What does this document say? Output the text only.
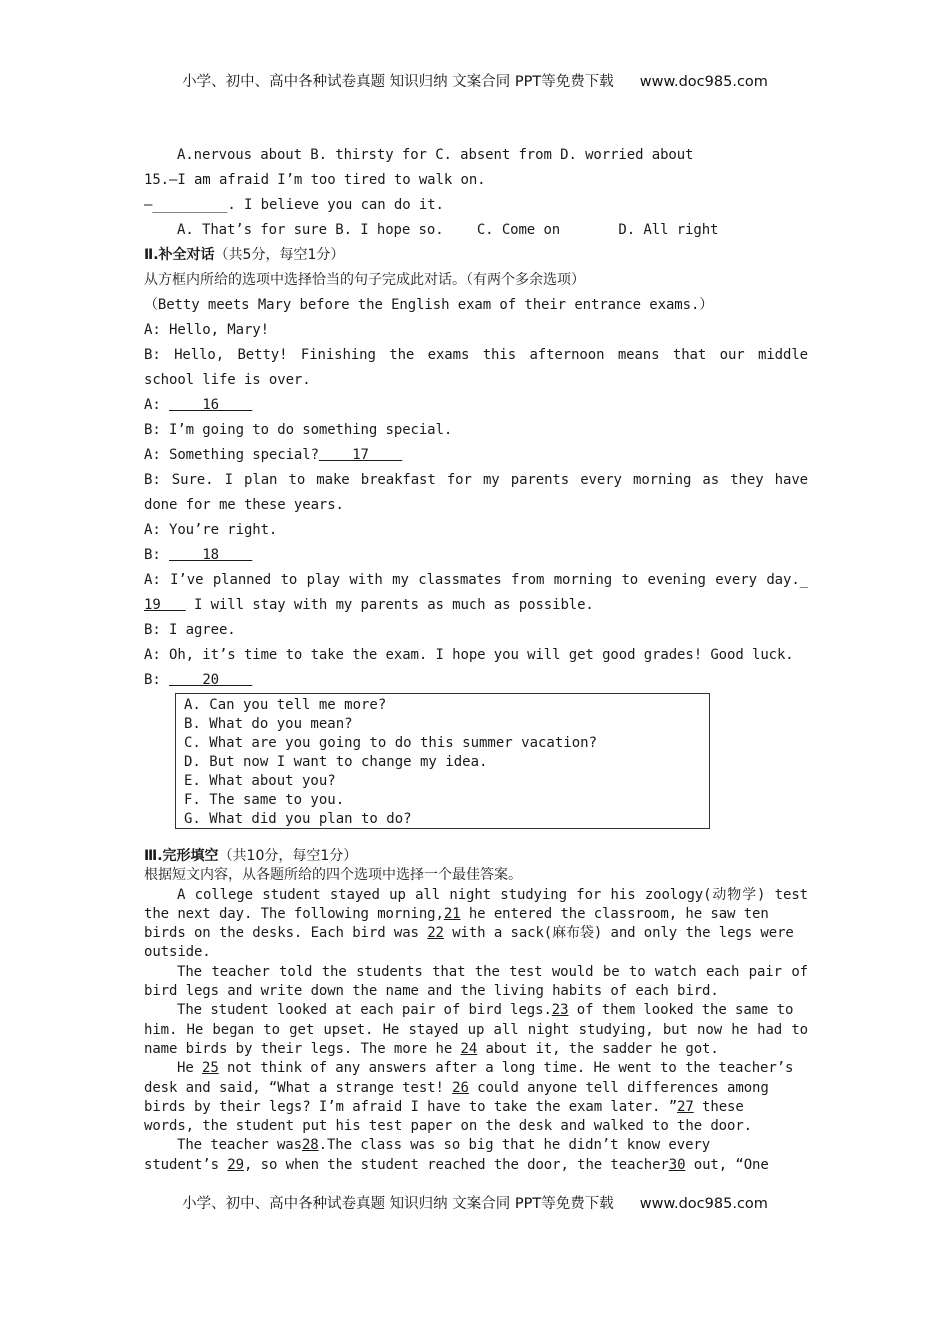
小学、初中、高中各种试卷真题 知识归纳 文案合同 PPT等免费下载 www.doc985.com
A.nervous about B. thirsty for C. absent from D. worried about
15.—I am afraid I’m too tired to walk on.
—_________. I believe you can do it.
A. That’s for sure B. I hope so.    C. Come on       D. All right
Ⅱ.补全对话（共5分，每空1分）
从方框内所给的选项中选择恰当的句子完成此对话。（有两个多余选项）
（Betty meets Mary before the English exam of their entrance exams.）
A: Hello, Mary!
B: Hello, Betty! Finishing the exams this afternoon means that our middle
school life is over.
A:     16
B: I’m going to do something special.
A: Something special?    17
B: Sure. I plan to make breakfast for my parents every morning as they have
done for me these years.
A: You’re right.
B:     18
A: I’ve planned to play with my classmates from morning to evening every day._
19    I will stay with my parents as much as possible.
B: I agree.
A: Oh, it’s time to take the exam. I hope you will get good grades! Good luck.
B:     20
A. Can you tell me more?
B. What do you mean?
C. What are you going to do this summer vacation?
D. But now I want to change my idea.
E. What about you?
F. The same to you.
G. What did you plan to do?
Ⅲ.完形填空（共10分，每空1分）
根据短文内容，从各题所给的四个选项中选择一个最佳答案。
A college student stayed up all night studying for his zoology(动物学) test
the next day. The following morning,21 he entered the classroom, he saw ten
birds on the desks. Each bird was 22 with a sack(麻布袋) and only the legs were
outside.
The teacher told the students that the test would be to watch each pair of
bird legs and write down the name and the living habits of each bird.
The student looked at each pair of bird legs.23 of them looked the same to
him. He began to get upset. He stayed up all night studying, but now he had to
name birds by their legs. The more he 24 about it, the sadder he got.
He 25 not think of any answers after a long time. He went to the teacher’s
desk and said, “What a strange test! 26 could anyone tell differences among
birds by their legs? I’m afraid I have to take the exam later. ”27 these
words, the student put his test paper on the desk and walked to the door.
The teacher was28.The class was so big that he didn’t know every
student’s 29, so when the student reached the door, the teacher30 out, “One
小学、初中、高中各种试卷真题 知识归纳 文案合同 PPT等免费下载 www.doc985.com
